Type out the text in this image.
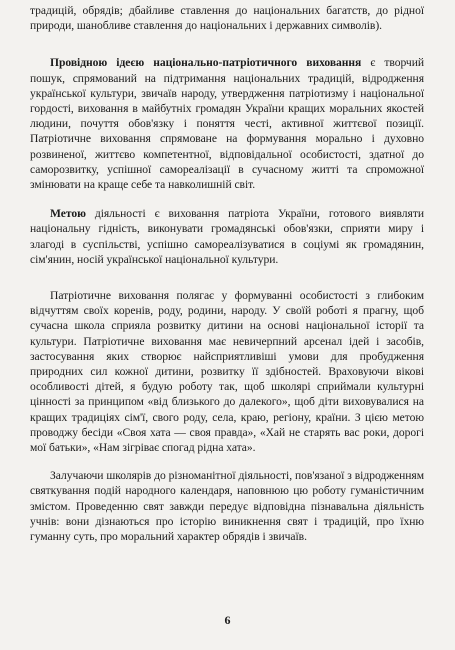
традицій, обрядів; дбайливе ставлення до національних багатств, до рідної природи, шанобливе ставлення до національних і державних символів).

Провідною ідеєю національно-патріотичного виховання є творчий пошук, спрямований на підтримання національних традицій, відродження української культури, звичаїв народу, утвердження патріотизму і національної гордості, виховання в майбутніх громадян України кращих моральних якостей людини, почуття обов'язку і поняття честі, активної життєвої позиції. Патріотичне виховання спрямоване на формування морально і духовно розвиненої, життєво компетентної, відповідальної особистості, здатної до саморозвитку, успішної самореалізації в сучасному житті та спроможної змінювати на краще себе та навколишній світ.

Метою діяльності є виховання патріота України, готового виявляти національну гідність, виконувати громадянські обов'язки, сприяти миру і злагоді в суспільстві, успішно самореалізуватися в соціумі як громадянин, сім'янин, носій української національної культури.

Патріотичне виховання полягає у формуванні особистості з глибоким відчуттям своїх коренів, роду, родини, народу. У своїй роботі я прагну, щоб сучасна школа сприяла розвитку дитини на основі національної історії та культури. Патріотичне виховання має невичерпний арсенал ідей і засобів, застосування яких створює найсприятливіші умови для пробудження природних сил кожної дитини, розвитку її здібностей. Враховуючи вікові особливості дітей, я будую роботу так, щоб школярі сприймали культурні цінності за принципом «від близького до далекого», щоб діти виховувалися на кращих традиціях сім'ї, свого роду, села, краю, регіону, країни. З цією метою проводжу бесіди «Своя хата — своя правда», «Хай не старять вас роки, дорогі мої батьки», «Нам зігріває спогад рідна хата».

Залучаючи школярів до різноманітної діяльності, пов'язаної з відродженням святкування подій народного календаря, наповнюю цю роботу гуманістичним змістом. Проведенню свят завжди передує відповідна пізнавальна діяльність учнів: вони дізнаються про історію виникнення свят і традицій, про їхню гуманну суть, про моральний характер обрядів і звичаїв.

6
